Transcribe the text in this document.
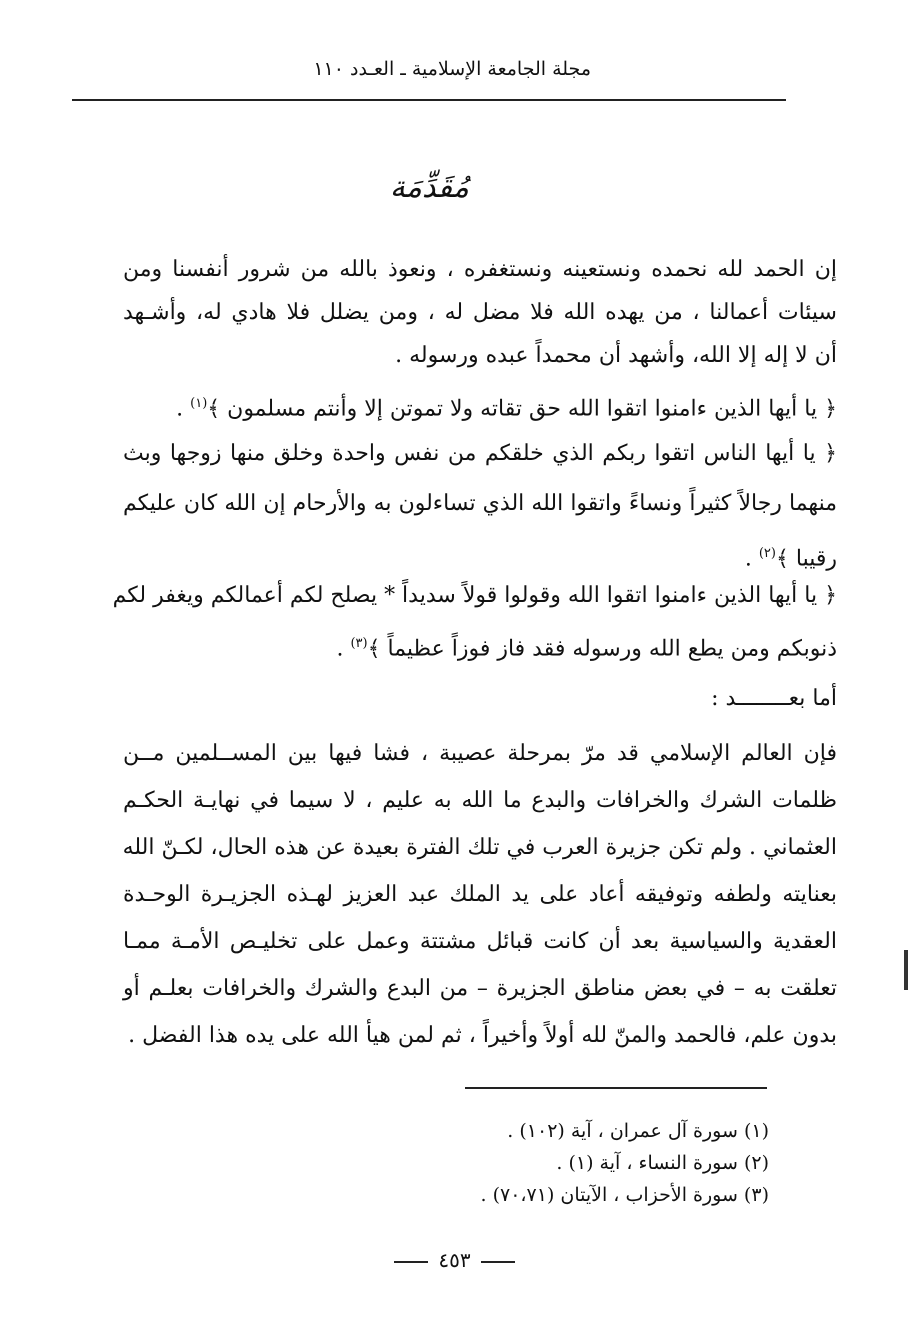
مجلة الجامعة الإسلامية ـ العـدد ١١٠
مُقَدِّمَة
إن الحمد لله نحمده ونستعينه ونستغفره ، ونعوذ بالله من شرور أنفسنا ومن
سيئات أعمالنا ، من يهده الله فلا مضل له ، ومن يضلل فلا هادي له، وأشـهد
أن لا إله إلا الله، وأشهد أن محمداً عبده ورسوله .
﴿ يا أيها الذين ءامنوا اتقوا الله حق تقاته ولا تموتن إلا وأنتم مسلمون ﴾$^{(١)}$ .
﴿ يا أيها الناس اتقوا ربكم الذي خلقكم من نفس واحدة وخلق منها زوجها وبث
منهما رجالاً كثيراً ونساءً واتقوا الله الذي تساءلون به والأرحام إن الله كان عليكم
رقيبا ﴾$^{(٢)}$ .
﴿ يا أيها الذين ءامنوا اتقوا الله وقولوا قولاً سديداً * يصلح لكم أعمالكم ويغفر لكم
ذنوبكم ومن يطع الله ورسوله فقد فاز فوزاً عظيماً ﴾$^{(٣)}$ .
أما بعــــــــد :
فإن العالم الإسلامي قد مرّ بمرحلة عصيبة ، فشا فيها بين المســلمين مــن
ظلمات الشرك والخرافات والبدع ما الله به عليم ، لا سيما في نهايـة الحكـم
العثماني . ولم تكن جزيرة العرب في تلك الفترة بعيدة عن هذه الحال، لكـنّ الله
بعنايته ولطفه وتوفيقه أعاد على يد الملك عبد العزيز لهـذه الجزيـرة الوحـدة
العقدية والسياسية بعد أن كانت قبائل مشتتة وعمل على تخليـص الأمـة ممـا
تعلقت به – في بعض مناطق الجزيرة – من البدع والشرك والخرافات بعلـم أو
بدون علم، فالحمد والمنّ لله أولاً وأخيراً ، ثم لمن هيأ الله على يده هذا الفضل .
(١) سورة آل عمران ، آية (١٠٢) .
(٢) سورة النساء ، آية (١) .
(٣) سورة الأحزاب ، الآيتان (٧٠،٧١) .
٤٥٣
